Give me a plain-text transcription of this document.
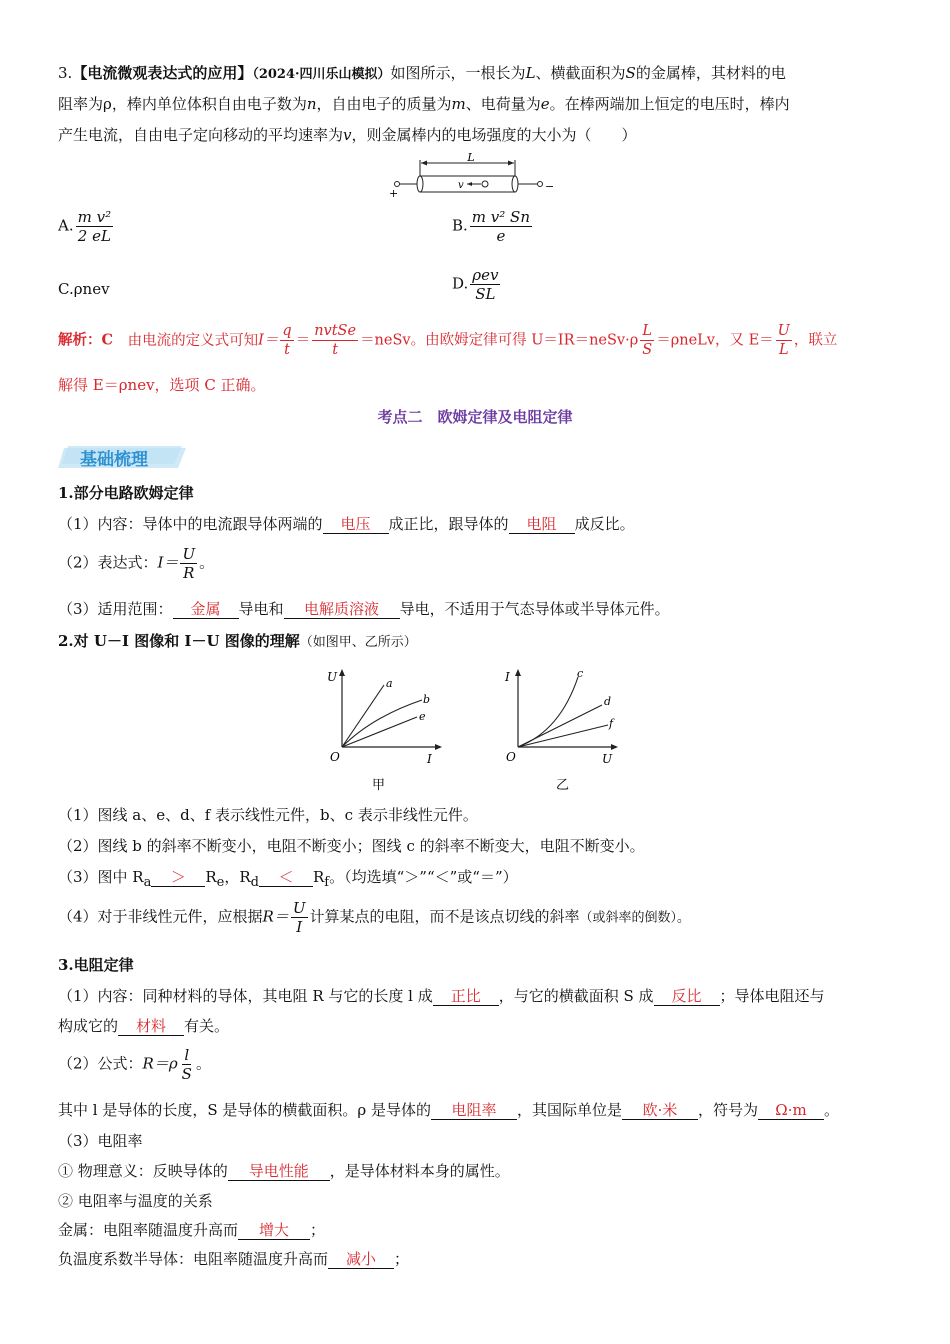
3.【电流微观表达式的应用】（2024·四川乐山模拟）如图所示，一根长为L、横截面积为S的金属棒，其材料的电
阻率为ρ，棒内单位体积自由电子数为n，自由电子的质量为m、电荷量为e。在棒两端加上恒定的电压时，棒内
产生电流，自由电子定向移动的平均速率为v，则金属棒内的电场强度的大小为（　　）
L
v
+
−
A. $\frac{\text{m v²}}{2 eL}$	B. $\frac{\text{m v² Sn}}{e}$
C.ρnev	D. $\frac{\text{ρev}}{SL}$
解析：C 由电流的定义式可知$I= \frac{q}{t} = \frac{\text{nvtSe}}{t}$ ＝neSv。由欧姆定律可得 U＝IR＝neSv·ρ $\frac{L}{S}$ ＝ρneLv，又 $E= \frac{U}{L}$ ，联立
解得 E＝ρnev，选项 C 正确。
考点二　欧姆定律及电阻定律
基础梳理
1.部分电路欧姆定律
（1）内容：导体中的电流跟导体两端的 电压 成正比，跟导体的 电阻 成反比。
（2）表达式：$I= \frac{U}{R}$ 。
（3）适用范围： 金属 导电和 电解质溶液 导电，不适用于气态导体或半导体元件。
2.对 U－I 图像和 I－U 图像的理解（如图甲、乙所示）
U
I
O
a
b
e
甲
I
U
O
c
d
f
乙
（1）图线 a、e、d、f 表示线性元件，b、c 表示非线性元件。
（2）图线 b 的斜率不断变小，电阻不断变小；图线 c 的斜率不断变大，电阻不断变小。
（3）图中 $R_a > R_e$，$R_d < R_f$。（均选填“＞”“＜”或“＝”）
（4）对于非线性元件，应根据$R= \frac{U}{I}$ 计算某点的电阻，而不是该点切线的斜率（或斜率的倒数）。
3.电阻定律
（1）内容：同种材料的导体，其电阻 R 与它的长度 l 成 正比 ，与它的横截面积 S 成 反比 ；导体电阻还与
构成它的 材料 有关。
（2）公式：$R=\rho \frac{l}{S}$ 。
其中 l 是导体的长度，S 是导体的横截面积。ρ 是导体的 电阻率 ，其国际单位是 欧·米 ，符号为 Ω·m 。
（3）电阻率
① 物理意义：反映导体的 导电性能 ，是导体材料本身的属性。
② 电阻率与温度的关系
金属：电阻率随温度升高而 增大 ；
负温度系数半导体：电阻率随温度升高而 减小 ；
